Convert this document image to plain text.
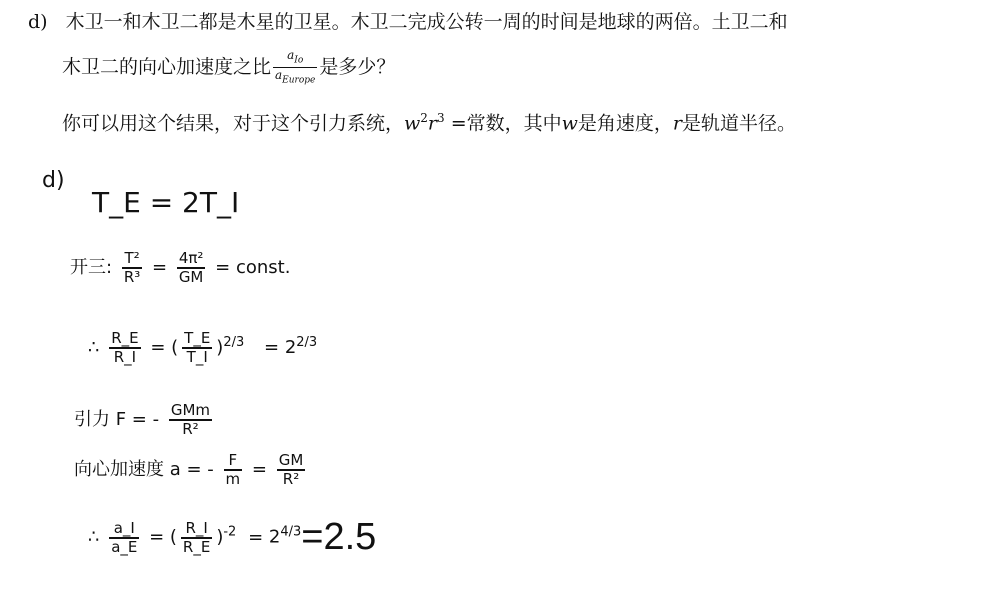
d) 木卫一和木卫二都是木星的卫星。木卫二完成公转一周的时间是地球的两倍。土卫二和
木卫二的向心加速度之比 $\frac{a_{Io}}{a_{Europe}}$ 是多少？
你可以用这个结果，对于这个引力系统，$w^2r^3$ =常数，其中w是角速度，r是轨道半径。
d)
T_E = 2T_I
开三: $\frac{\text{T²}}{\text{R³}} = \frac{\text{4π²}}{GM}$ = const.
∴ $\frac{R\_E}{R\_I}$ = ( $\frac{T\_E}{T\_I} )^{2/3} = 2^{2/3}$
引力 F = - GMm
R²
向心加速度 a = - $\frac{F}{m} = \frac{GM}{\text{R²}}$
∴ $\frac{a\_I}{a\_E}$ = ( $\frac{R\_I}{R\_E} )^{-2} = 2^{4/3}=2.5$
